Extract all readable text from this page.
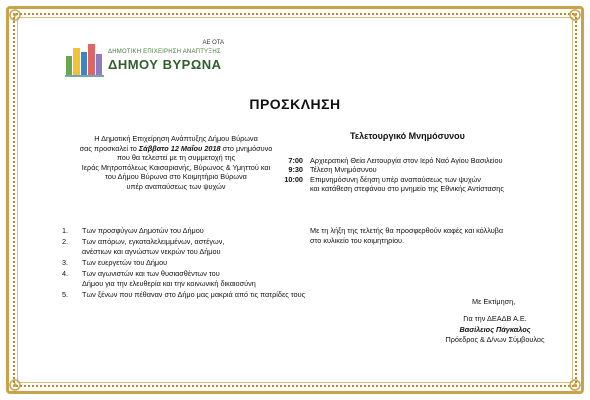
ΑΕ ΟΤΑ
ΔΗΜΟΤΙΚΗ ΕΠΙΧΕΙΡΗΣΗ ΑΝΑΠΤΥΞΗΣ
ΔΗΜΟΥ ΒΥΡΩΝΑ
ΠΡΟΣΚΛΗΣΗ
Η Δημοτική Επιχείρηση Ανάπτυξης Δήμου Βύρωνα
σας προσκαλεί το Σάββατο 12 Μαΐου 2018 στο μνημόσυνο
που θα τελεστεί με τη συμμετοχή της
Ιεράς Μητροπόλεως Καισαριανής, Βύρωνος & Υμηττού και
του Δήμου Βύρωνα στο Κοιμητήριο Βύρωνα
υπέρ αναπαύσεως των ψυχών
1. Των προσφύγων Δημοτών του Δήμου
2. Των απόρων, εγκαταλελειμμένων, αστέγων,
ανέστιων και αγνώστων νεκρών του Δήμου
3. Των ευεργετών του Δήμου
4. Των αγωνιστών και των θυσιασθέντων του
Δήμου για την ελευθερία και την κοινωνική δικαιοσύνη
5. Των ξένων που πέθαναν στο Δήμο μας μακριά από τις πατρίδες τους
Τελετουργικό Μνημόσυνου
7:00 Αρχιερατική Θεία Λειτουργία στον Ιερό Ναό Αγίου Βασιλείου
9:30 Τέλεση Μνημόσυνου
10:00 Επιμνημόσυνη δέηση υπέρ αναπαύσεως των ψυχών
και κατάθεση στεφάνου στο μνημείο της Εθνικής Αντίστασης
Με τη λήξη της τελετής θα προσφερθούν καφές και κόλλυβα
στο κυλικείο του κοιμητηρίου.
Με Εκτίμηση,
Για την ΔΕΑΔΒ Α.Ε.
Βασίλειος Πάγκαλος
Πρόεδρος & Δ/νων Σύμβουλος
